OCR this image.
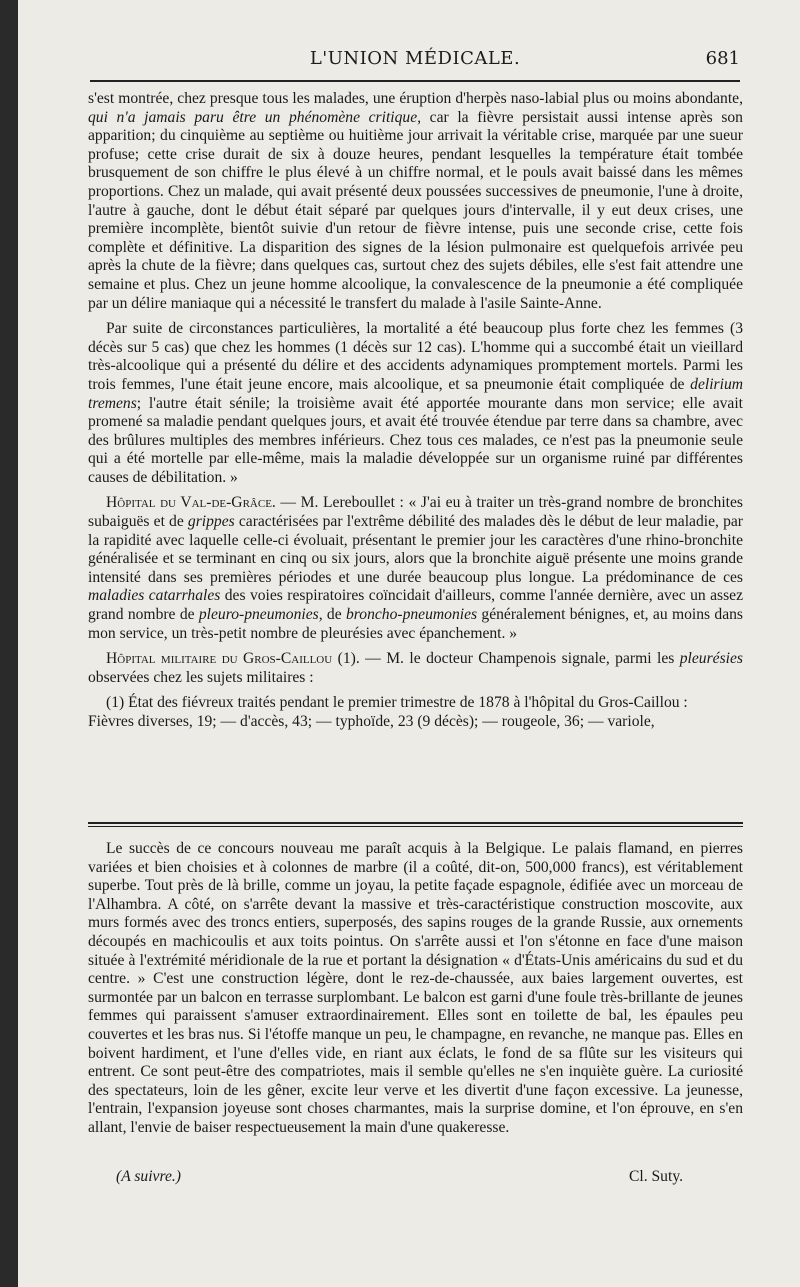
L'UNION MÉDICALE.	681

s'est montrée, chez presque tous les malades, une éruption d'herpès naso-labial plus ou moins abondante, qui n'a jamais paru être un phénomène critique, car la fièvre persistait aussi intense après son apparition; du cinquième au septième ou huitième jour arrivait la véritable crise, marquée par une sueur profuse; cette crise durait de six à douze heures, pendant lesquelles la température était tombée brusquement de son chiffre le plus élevé à un chiffre normal, et le pouls avait baissé dans les mêmes proportions. Chez un malade, qui avait présenté deux poussées successives de pneumonie, l'une à droite, l'autre à gauche, dont le début était séparé par quelques jours d'intervalle, il y eut deux crises, une première incomplète, bientôt suivie d'un retour de fièvre intense, puis une seconde crise, cette fois complète et définitive. La disparition des signes de la lésion pulmonaire est quelquefois arrivée peu après la chute de la fièvre; dans quelques cas, surtout chez des sujets débiles, elle s'est fait attendre une semaine et plus. Chez un jeune homme alcoolique, la convalescence de la pneumonie a été compliquée par un délire maniaque qui a nécessité le transfert du malade à l'asile Sainte-Anne.

Par suite de circonstances particulières, la mortalité a été beaucoup plus forte chez les femmes (3 décès sur 5 cas) que chez les hommes (1 décès sur 12 cas). L'homme qui a succombé était un vieillard très-alcoolique qui a présenté du délire et des accidents adynamiques promptement mortels. Parmi les trois femmes, l'une était jeune encore, mais alcoolique, et sa pneumonie était compliquée de delirium tremens; l'autre était sénile; la troisième avait été apportée mourante dans mon service; elle avait promené sa maladie pendant quelques jours, et avait été trouvée étendue par terre dans sa chambre, avec des brûlures multiples des membres inférieurs. Chez tous ces malades, ce n'est pas la pneumonie seule qui a été mortelle par elle-même, mais la maladie développée sur un organisme ruiné par différentes causes de débilitation. »

Hôpital du Val-de-Grâce. — M. Lereboullet : « J'ai eu à traiter un très-grand nombre de bronchites subaiguës et de grippes caractérisées par l'extrême débilité des malades dès le début de leur maladie, par la rapidité avec laquelle celle-ci évoluait, présentant le premier jour les caractères d'une rhino-bronchite généralisée et se terminant en cinq ou six jours, alors que la bronchite aiguë présente une moins grande intensité dans ses premières périodes et une durée beaucoup plus longue. La prédominance de ces maladies catarrhales des voies respiratoires coïncidait d'ailleurs, comme l'année dernière, avec un assez grand nombre de pleuro-pneumonies, de broncho-pneumonies généralement bénignes, et, au moins dans mon service, un très-petit nombre de pleurésies avec épanchement. »

Hôpital militaire du Gros-Caillou (1). — M. le docteur Champenois signale, parmi les pleurésies observées chez les sujets militaires :

(1) État des fiévreux traités pendant le premier trimestre de 1878 à l'hôpital du Gros-Caillou :

Fièvres diverses, 19; — d'accès, 43; — typhoïde, 23 (9 décès); — rougeole, 36; — variole,

Le succès de ce concours nouveau me paraît acquis à la Belgique. Le palais flamand, en pierres variées et bien choisies et à colonnes de marbre (il a coûté, dit-on, 500,000 francs), est véritablement superbe. Tout près de là brille, comme un joyau, la petite façade espagnole, édifiée avec un morceau de l'Alhambra. A côté, on s'arrête devant la massive et très-caractéristique construction moscovite, aux murs formés avec des troncs entiers, superposés, des sapins rouges de la grande Russie, aux ornements découpés en machicoulis et aux toits pointus. On s'arrête aussi et l'on s'étonne en face d'une maison située à l'extrémité méridionale de la rue et portant la désignation « d'États-Unis américains du sud et du centre. » C'est une construction légère, dont le rez-de-chaussée, aux baies largement ouvertes, est surmontée par un balcon en terrasse surplombant. Le balcon est garni d'une foule très-brillante de jeunes femmes qui paraissent s'amuser extraordinairement. Elles sont en toilette de bal, les épaules peu couvertes et les bras nus. Si l'étoffe manque un peu, le champagne, en revanche, ne manque pas. Elles en boivent hardiment, et l'une d'elles vide, en riant aux éclats, le fond de sa flûte sur les visiteurs qui entrent. Ce sont peut-être des compatriotes, mais il semble qu'elles ne s'en inquiète guère. La curiosité des spectateurs, loin de les gêner, excite leur verve et les divertit d'une façon excessive. La jeunesse, l'entrain, l'expansion joyeuse sont choses charmantes, mais la surprise domine, et l'on éprouve, en s'en allant, l'envie de baiser respectueusement la main d'une quakeresse.

(A suivre.)	Cl. Suty.
